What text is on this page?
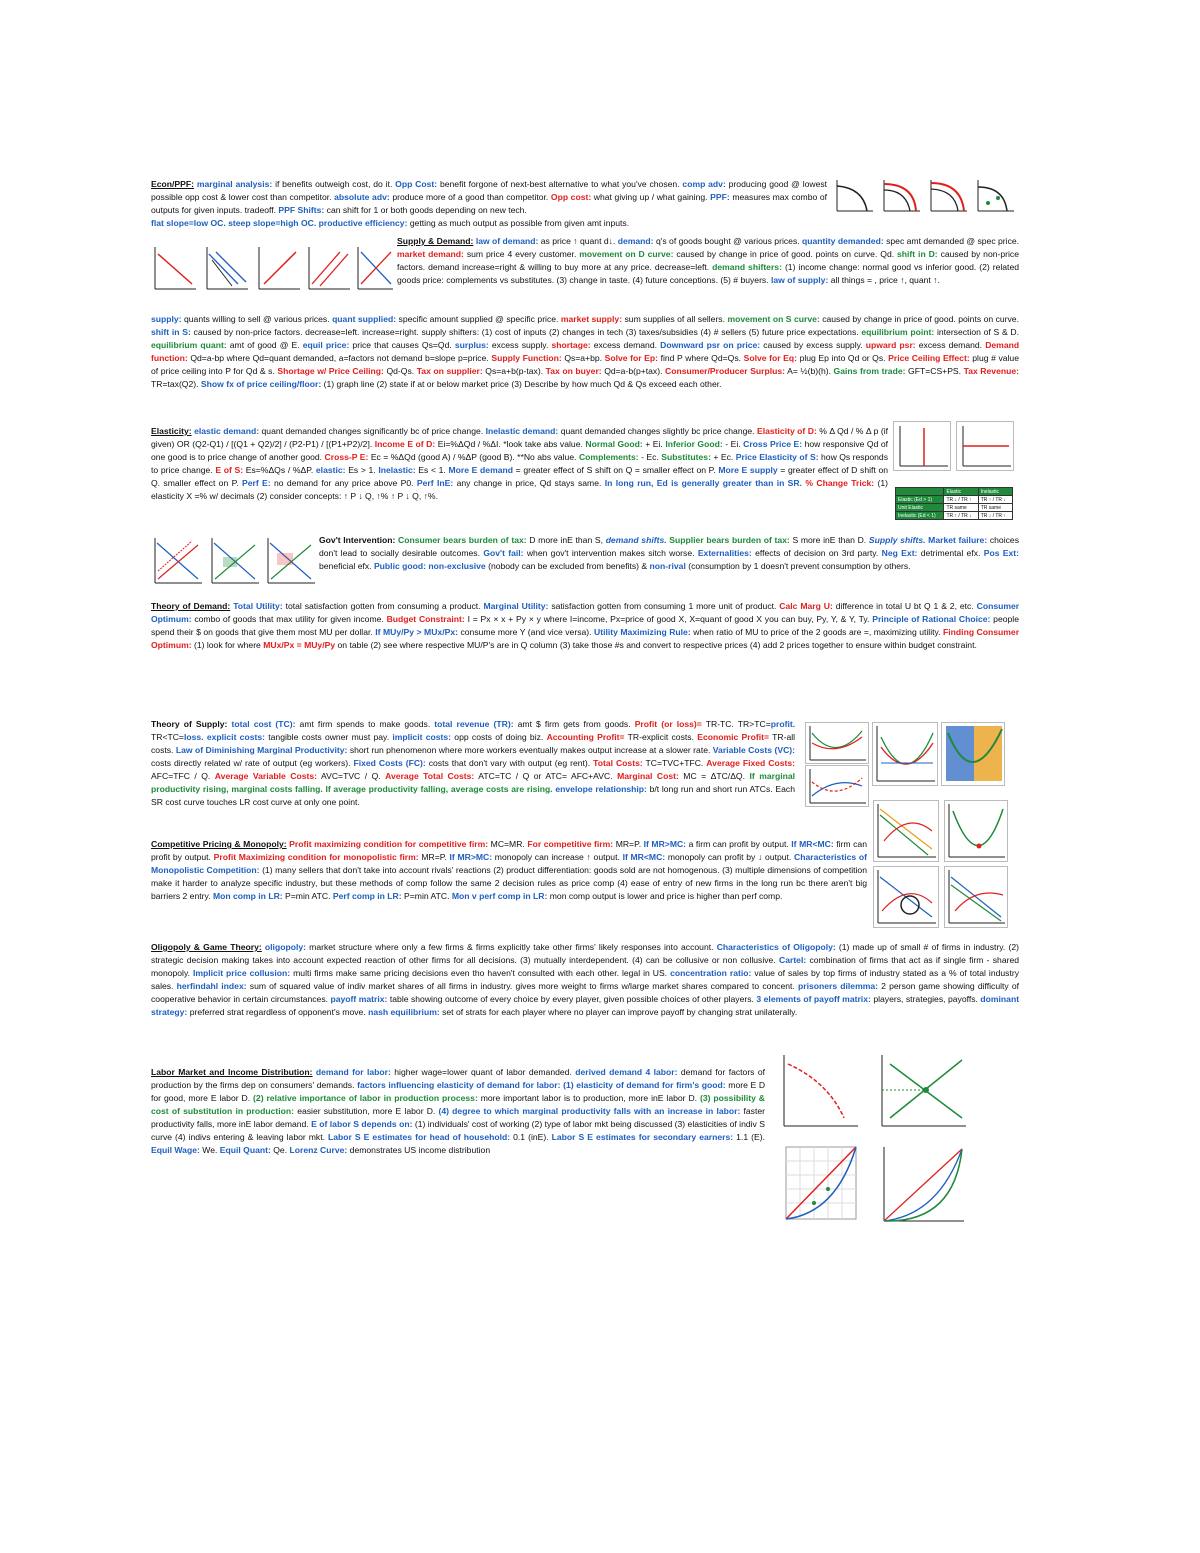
Econ/PPF: marginal analysis: if benefits outweigh cost, do it. Opp Cost: benefit forgone of next-best alternative to what you've chosen. comp adv: producing good @ lowest possible opp cost & lower cost than competitor. absolute adv: produce more of a good than competitor. Opp cost: what giving up / what gaining. PPF: measures max combo of outputs for given inputs. tradeoff. PPF Shifts: can shift for 1 or both goods depending on new tech.
flat slope=low OC. steep slope=high OC. productive efficiency: getting as much output as possible from given amt inputs.
Supply & Demand: law of demand: as price ↑ quant d↓. demand: q's of goods bought @ various prices. quantity demanded: spec amt demanded @ spec price. market demand: sum price 4 every customer. movement on D curve: caused by change in price of good. points on curve. Qd. shift in D: caused by non-price factors. demand increase=right & willing to buy more at any price. decrease=left. demand shifters: (1) income change: normal good vs inferior good. (2) related goods price: complements vs substitutes. (3) change in taste. (4) future conceptions. (5) # buyers. law of supply: all things = , price ↑, quant ↑.
supply: quants willing to sell @ various prices. quant supplied: specific amount supplied @ specific price. market supply: sum supplies of all sellers. movement on S curve: caused by change in price of good. points on curve. shift in S: caused by non-price factors. decrease=left. increase=right. supply shifters: (1) cost of inputs (2) changes in tech (3) taxes/subsidies (4) # sellers (5) future price expectations. equilibrium point: intersection of S & D. equilibrium quant: amt of good @ E. equil price: price that causes Qs=Qd. surplus: excess supply. shortage: excess demand. Downward psr on price: caused by excess supply. upward psr: excess demand. Demand function: Qd=a-bp where Qd=quant demanded, a=factors not demand b=slope p=price. Supply Function: Qs=a+bp. Solve for Ep: find P where Qd=Qs. Solve for Eq: plug Ep into Qd or Qs. Price Ceiling Effect: plug # value of price ceiling into P for Qd & s. Shortage w/ Price Ceiling: Qd-Qs. Tax on supplier: Qs=a+b(p-tax). Tax on buyer: Qd=a-b(p+tax). Consumer/Producer Surplus: A= ½(b)(h). Gains from trade: GFT=CS+PS. Tax Revenue: TR=tax(Q2). Show fx of price ceiling/floor: (1) graph line (2) state if at or below market price (3) Describe by how much Qd & Qs exceed each other.
Elasticity: elastic demand: quant demanded changes significantly bc of price change. Inelastic demand: quant demanded changes slightly bc price change. Elasticity of D: % Δ Qd / % Δ p (if given) OR (Q2-Q1) / [(Q1 + Q2)/2] / (P2-P1) / [(P1+P2)/2]. Income E of D: Ei=%ΔQd / %ΔI. *look take abs value. Normal Good: + Ei. Inferior Good: - Ei. Cross Price E: how responsive Qd of one good is to price change of another good. Cross-P E: Ec = %ΔQd (good A) / %ΔP (good B). **No abs value. Complements: - Ec. Substitutes: + Ec. Price Elasticity of S: how Qs responds to price change. E of S: Es=%ΔQs / %ΔP. elastic: Es > 1. Inelastic: Es < 1. More E demand = greater effect of S shift on Q = smaller effect on P. More E supply = greater effect of D shift on Q. smaller effect on P. Perf E: no demand for any price above P0. Perf InE: any change in price, Qd stays same. In long run, Ed is generally greater than in SR. % Change Trick: (1) elasticity X =% w/ decimals (2) consider concepts: ↑ P ↓ Q, ↑% ↑ P ↓ Q, ↑%.
		Elastic	Inelastic
Elastic (Ed > 1)	TR ↓ / TR ↑	TR ↑ / TR ↓
Unit Elastic	TR same	TR same
Inelastic (Ed < 1)	TR ↑ / TR ↓	TR ↓ / TR ↑
Gov't Intervention: Consumer bears burden of tax: D more inE than S, demand shifts. Supplier bears burden of tax: S more inE than D. Supply shifts. Market failure: choices don't lead to socially desirable outcomes. Gov't fail: when gov't intervention makes sitch worse. Externalities: effects of decision on 3rd party. Neg Ext: detrimental efx. Pos Ext: beneficial efx. Public good: non-exclusive (nobody can be excluded from benefits) & non-rival (consumption by 1 doesn't prevent consumption by others.
Theory of Demand: Total Utility: total satisfaction gotten from consuming a product. Marginal Utility: satisfaction gotten from consuming 1 more unit of product. Calc Marg U: difference in total U bt Q 1 & 2, etc. Consumer Optimum: combo of goods that max utility for given income. Budget Constraint: I = Px × x + Py × y where I=income, Px=price of good X, X=quant of good X you can buy, Py, Y, & Y, Ty. Principle of Rational Choice: people spend their $ on goods that give them most MU per dollar. If MUy/Py > MUx/Px: consume more Y (and vice versa). Utility Maximizing Rule: when ratio of MU to price of the 2 goods are =, maximizing utility. Finding Consumer Optimum: (1) look for where MUx/Px = MUy/Py on table (2) see where respective MU/P's are in Q column (3) take those #s and convert to respective prices (4) add 2 prices together to ensure within budget constraint.
Theory of Supply: total cost (TC): amt firm spends to make goods. total revenue (TR): amt $ firm gets from goods. Profit (or loss)= TR-TC. TR>TC=profit. TR<TC=loss. explicit costs: tangible costs owner must pay. implicit costs: opp costs of doing biz. Accounting Profit= TR-explicit costs. Economic Profit= TR-all costs. Law of Diminishing Marginal Productivity: short run phenomenon where more workers eventually makes output increase at a slower rate. Variable Costs (VC): costs directly related w/ rate of output (eg workers). Fixed Costs (FC): costs that don't vary with output (eg rent). Total Costs: TC=TVC+TFC. Average Fixed Costs: AFC=TFC / Q. Average Variable Costs: AVC=TVC / Q. Average Total Costs: ATC=TC / Q or ATC= AFC+AVC. Marginal Cost: MC = ΔTC/ΔQ. If marginal productivity rising, marginal costs falling. If average productivity falling, average costs are rising. envelope relationship: b/t long run and short run ATCs. Each SR cost curve touches LR cost curve at only one point.
Competitive Pricing & Monopoly: Profit maximizing condition for competitive firm: MC=MR. For competitive firm: MR=P. If MR>MC: a firm can profit by output. If MR<MC: firm can profit by output. Profit Maximizing condition for monopolistic firm: MR=P. If MR>MC: monopoly can increase ↑ output. If MR<MC: monopoly can profit by ↓ output. Characteristics of Monopolistic Competition: (1) many sellers that don't take into account rivals' reactions (2) product differentiation: goods sold are not homogenous. (3) multiple dimensions of competition make it harder to analyze specific industry, but these methods of comp follow the same 2 decision rules as price comp (4) ease of entry of new firms in the long run bc there aren't big barriers 2 entry. Mon comp in LR: P=min ATC. Perf comp in LR: P=min ATC. Mon v perf comp in LR: mon comp output is lower and price is higher than perf comp.
Oligopoly & Game Theory: oligopoly: market structure where only a few firms & firms explicitly take other firms' likely responses into account. Characteristics of Oligopoly: (1) made up of small # of firms in industry. (2) strategic decision making takes into account expected reaction of other firms for all decisions. (3) mutually interdependent. (4) can be collusive or non collusive. Cartel: combination of firms that act as if single firm - shared monopoly. Implicit price collusion: multi firms make same pricing decisions even tho haven't consulted with each other. legal in US. concentration ratio: value of sales by top firms of industry stated as a % of total industry sales. herfindahl index: sum of squared value of indiv market shares of all firms in industry. gives more weight to firms w/large market shares compared to concent. prisoners dilemma: 2 person game showing difficulty of cooperative behavior in certain circumstances. payoff matrix: table showing outcome of every choice by every player, given possible choices of other players. 3 elements of payoff matrix: players, strategies, payoffs. dominant strategy: preferred strat regardless of opponent's move. nash equilibrium: set of strats for each player where no player can improve payoff by changing strat unilaterally.
Labor Market and Income Distribution: demand for labor: higher wage=lower quant of labor demanded. derived demand 4 labor: demand for factors of production by the firms dep on consumers' demands. factors influencing elasticity of demand for labor: (1) elasticity of demand for firm's good: more E D for good, more E labor D. (2) relative importance of labor in production process: more important labor is to production, more inE labor D. (3) possibility & cost of substitution in production: easier substitution, more E labor D. (4) degree to which marginal productivity falls with an increase in labor: faster productivity falls, more inE labor demand. E of labor S depends on: (1) individuals' cost of working (2) type of labor mkt being discussed (3) elasticities of indiv S curve (4) indivs entering & leaving labor mkt. Labor S E estimates for head of household: 0.1 (inE). Labor S E estimates for secondary earners: 1.1 (E). Equil Wage: We. Equil Quant: Qe. Lorenz Curve: demonstrates US income distribution
